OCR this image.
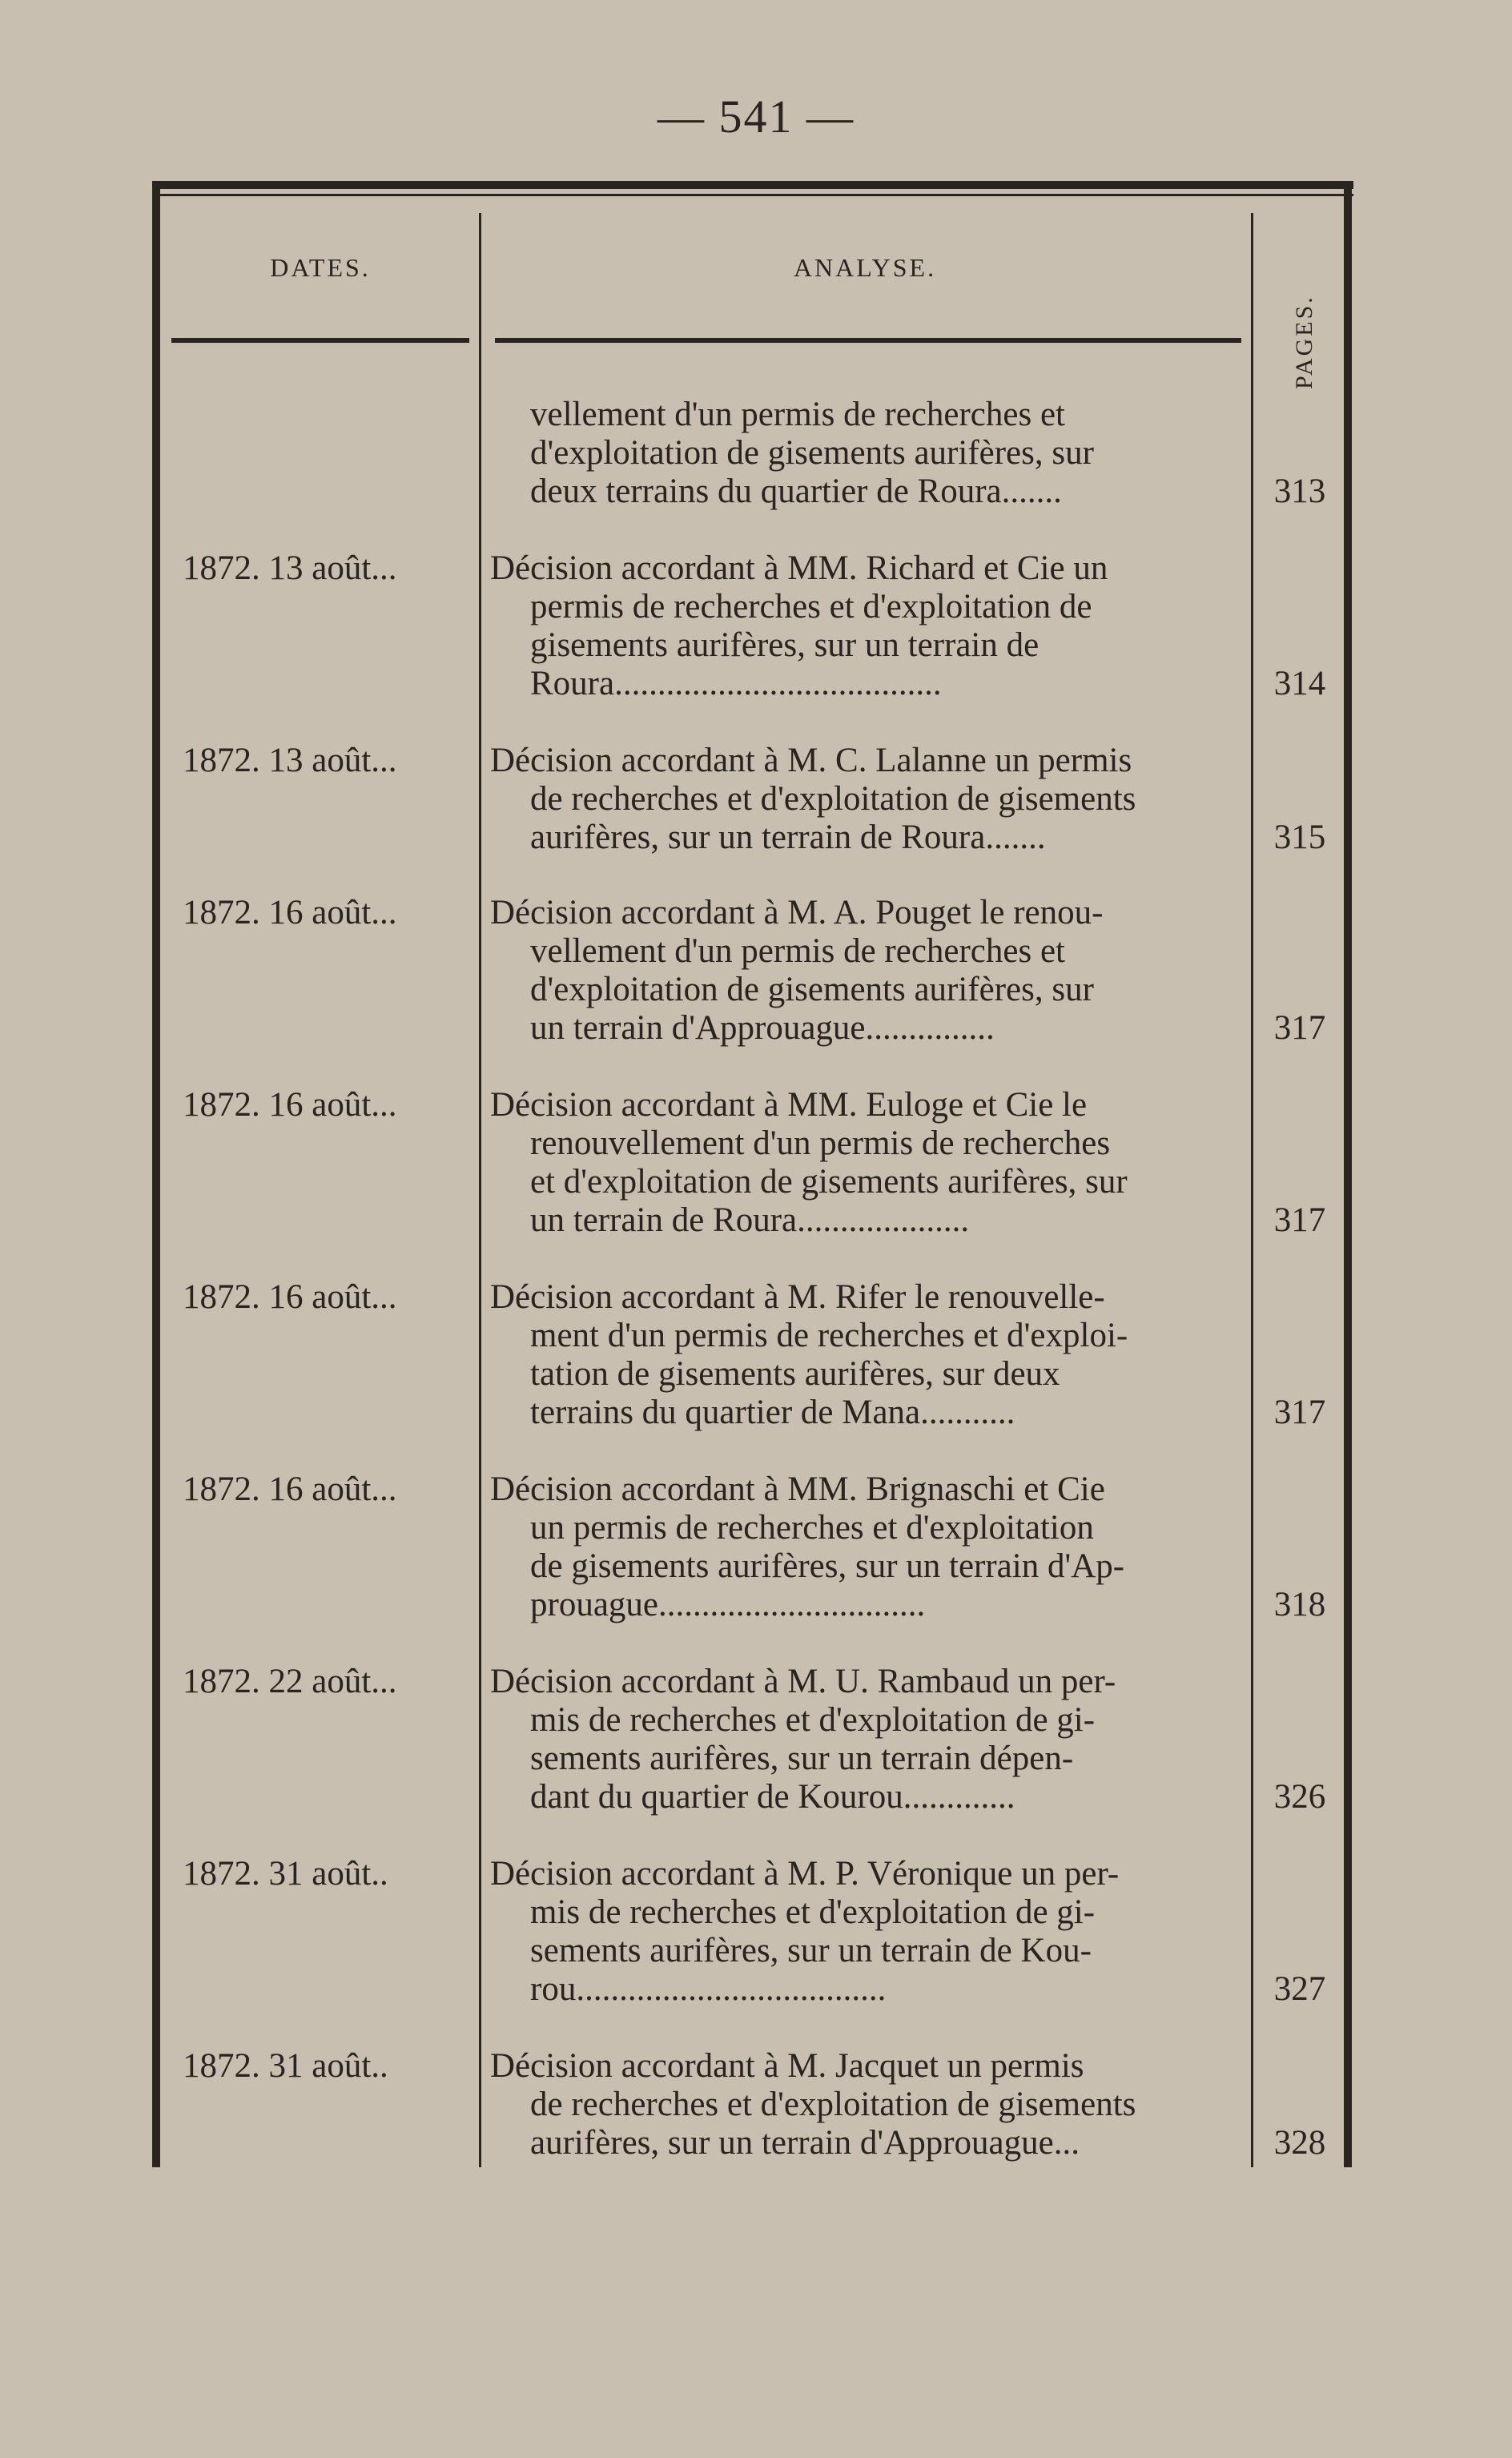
— 541 —
DATES.	ANALYSE.
PAGES.
vellement d'un permis de recherches et
d'exploitation de gisements aurifères, sur
deux terrains du quartier de Roura.......	313
1872. 13 août...	Décision accordant à MM. Richard et Cie un
permis de recherches et d'exploitation de
gisements aurifères, sur un terrain de
Roura......................................	314
1872. 13 août...	Décision accordant à M. C. Lalanne un permis
de recherches et d'exploitation de gisements
aurifères, sur un terrain de Roura.......	315
1872. 16 août...	Décision accordant à M. A. Pouget le renou-
vellement d'un permis de recherches et
d'exploitation de gisements aurifères, sur
un terrain d'Approuague...............	317
1872. 16 août...	Décision accordant à MM. Euloge et Cie le
renouvellement d'un permis de recherches
et d'exploitation de gisements aurifères, sur
un terrain de Roura....................	317
1872. 16 août...	Décision accordant à M. Rifer le renouvelle-
ment d'un permis de recherches et d'exploi-
tation de gisements aurifères, sur deux
terrains du quartier de Mana...........	317
1872. 16 août...	Décision accordant à MM. Brignaschi et Cie
un permis de recherches et d'exploitation
de gisements aurifères, sur un terrain d'Ap-
prouague...............................	318
1872. 22 août...	Décision accordant à M. U. Rambaud un per-
mis de recherches et d'exploitation de gi-
sements aurifères, sur un terrain dépen-
dant du quartier de Kourou.............	326
1872. 31 août..	Décision accordant à M. P. Véronique un per-
mis de recherches et d'exploitation de gi-
sements aurifères, sur un terrain de Kou-
rou....................................	327
1872. 31 août..	Décision accordant à M. Jacquet un permis
de recherches et d'exploitation de gisements
aurifères, sur un terrain d'Approuague...	328
